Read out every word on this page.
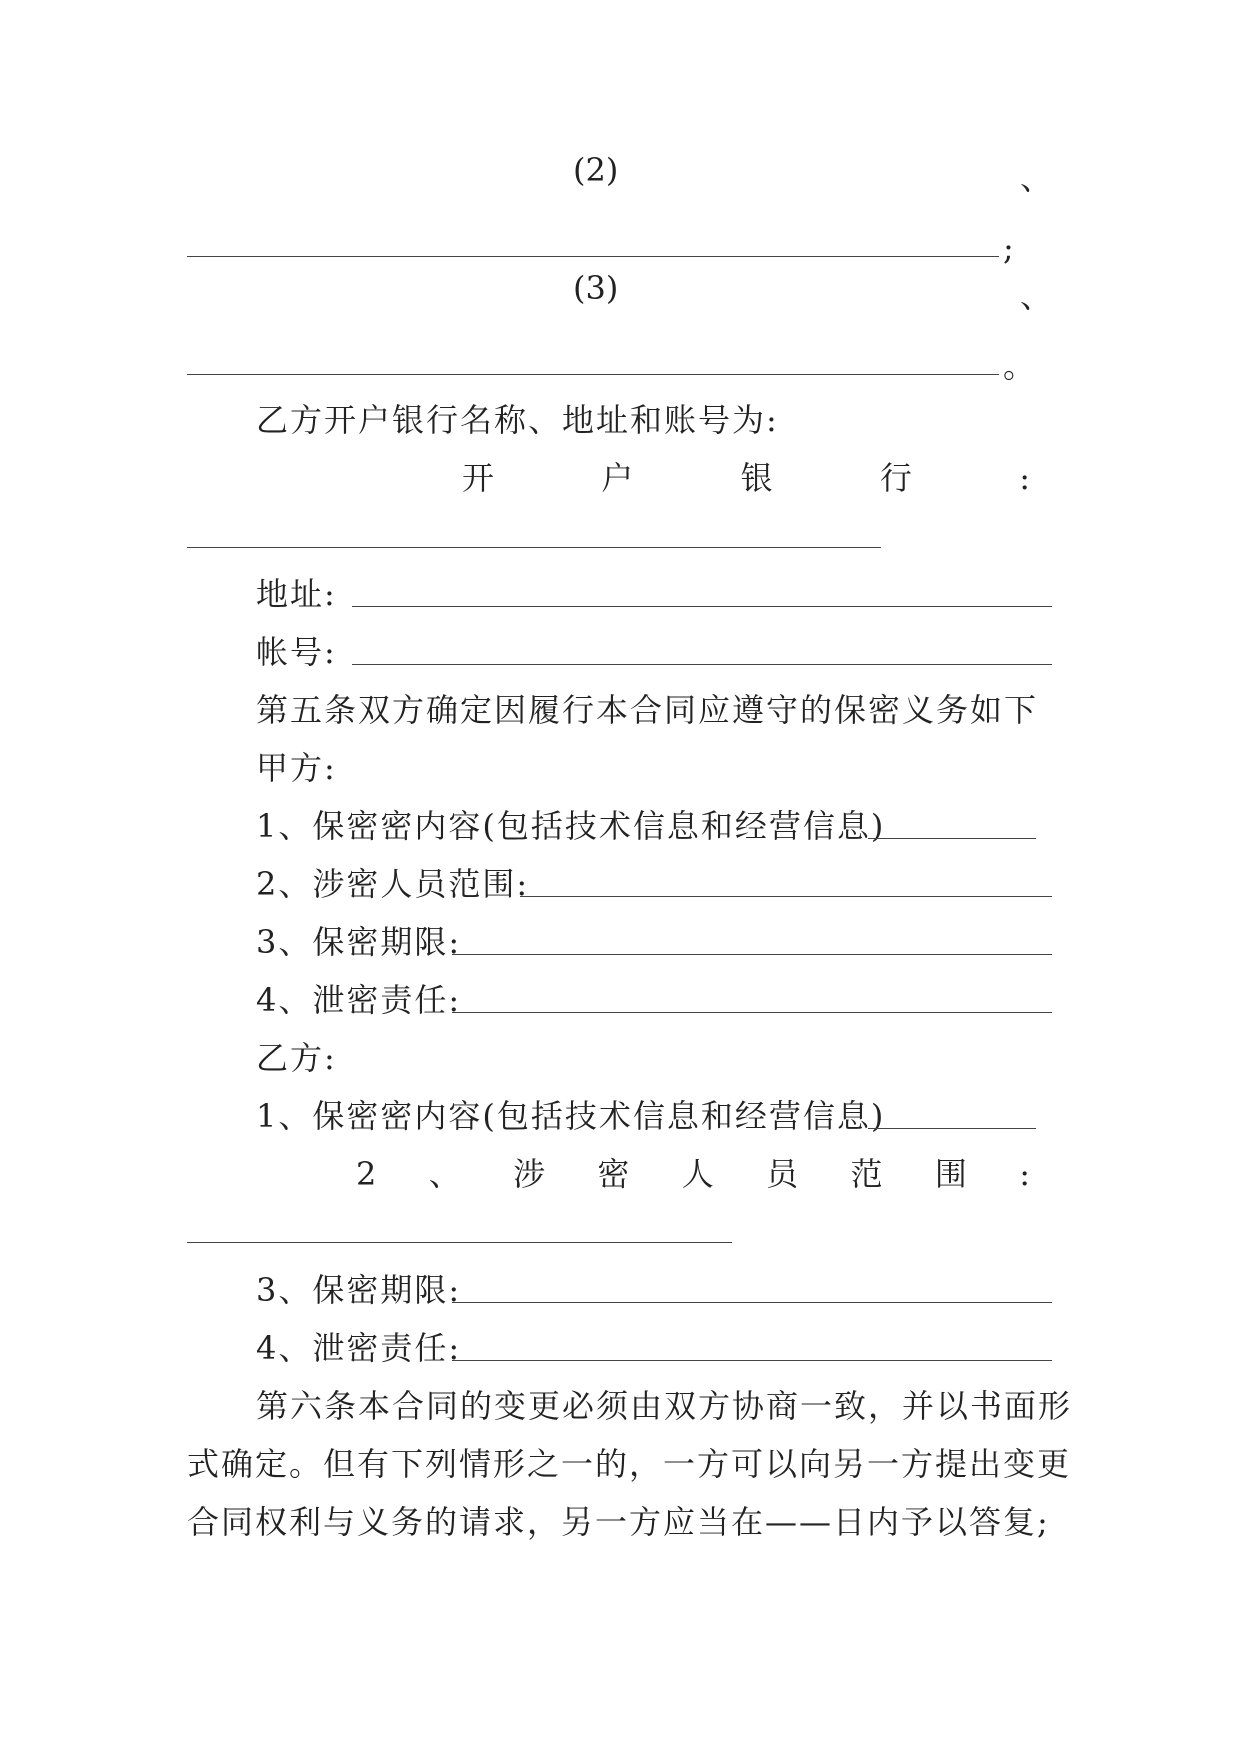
(2)	、
;
(3)	、
。
乙方开户银行名称、地址和账号为:
开	户	银	行	:
地址:
帐号:
第五条双方确定因履行本合同应遵守的保密义务如下
甲方:
1、保密密内容(包括技术信息和经营信息)
2、涉密人员范围:
3、保密期限:
4、泄密责任:
乙方:
1、保密密内容(包括技术信息和经营信息)
2 、 涉 密 人 员 范 围 :
3、保密期限:
4、泄密责任:
第六条本合同的变更必须由双方协商一致，并以书面形
式确定。但有下列情形之一的，一方可以向另一方提出变更
合同权利与义务的请求，另一方应当在——日内予以答复;
